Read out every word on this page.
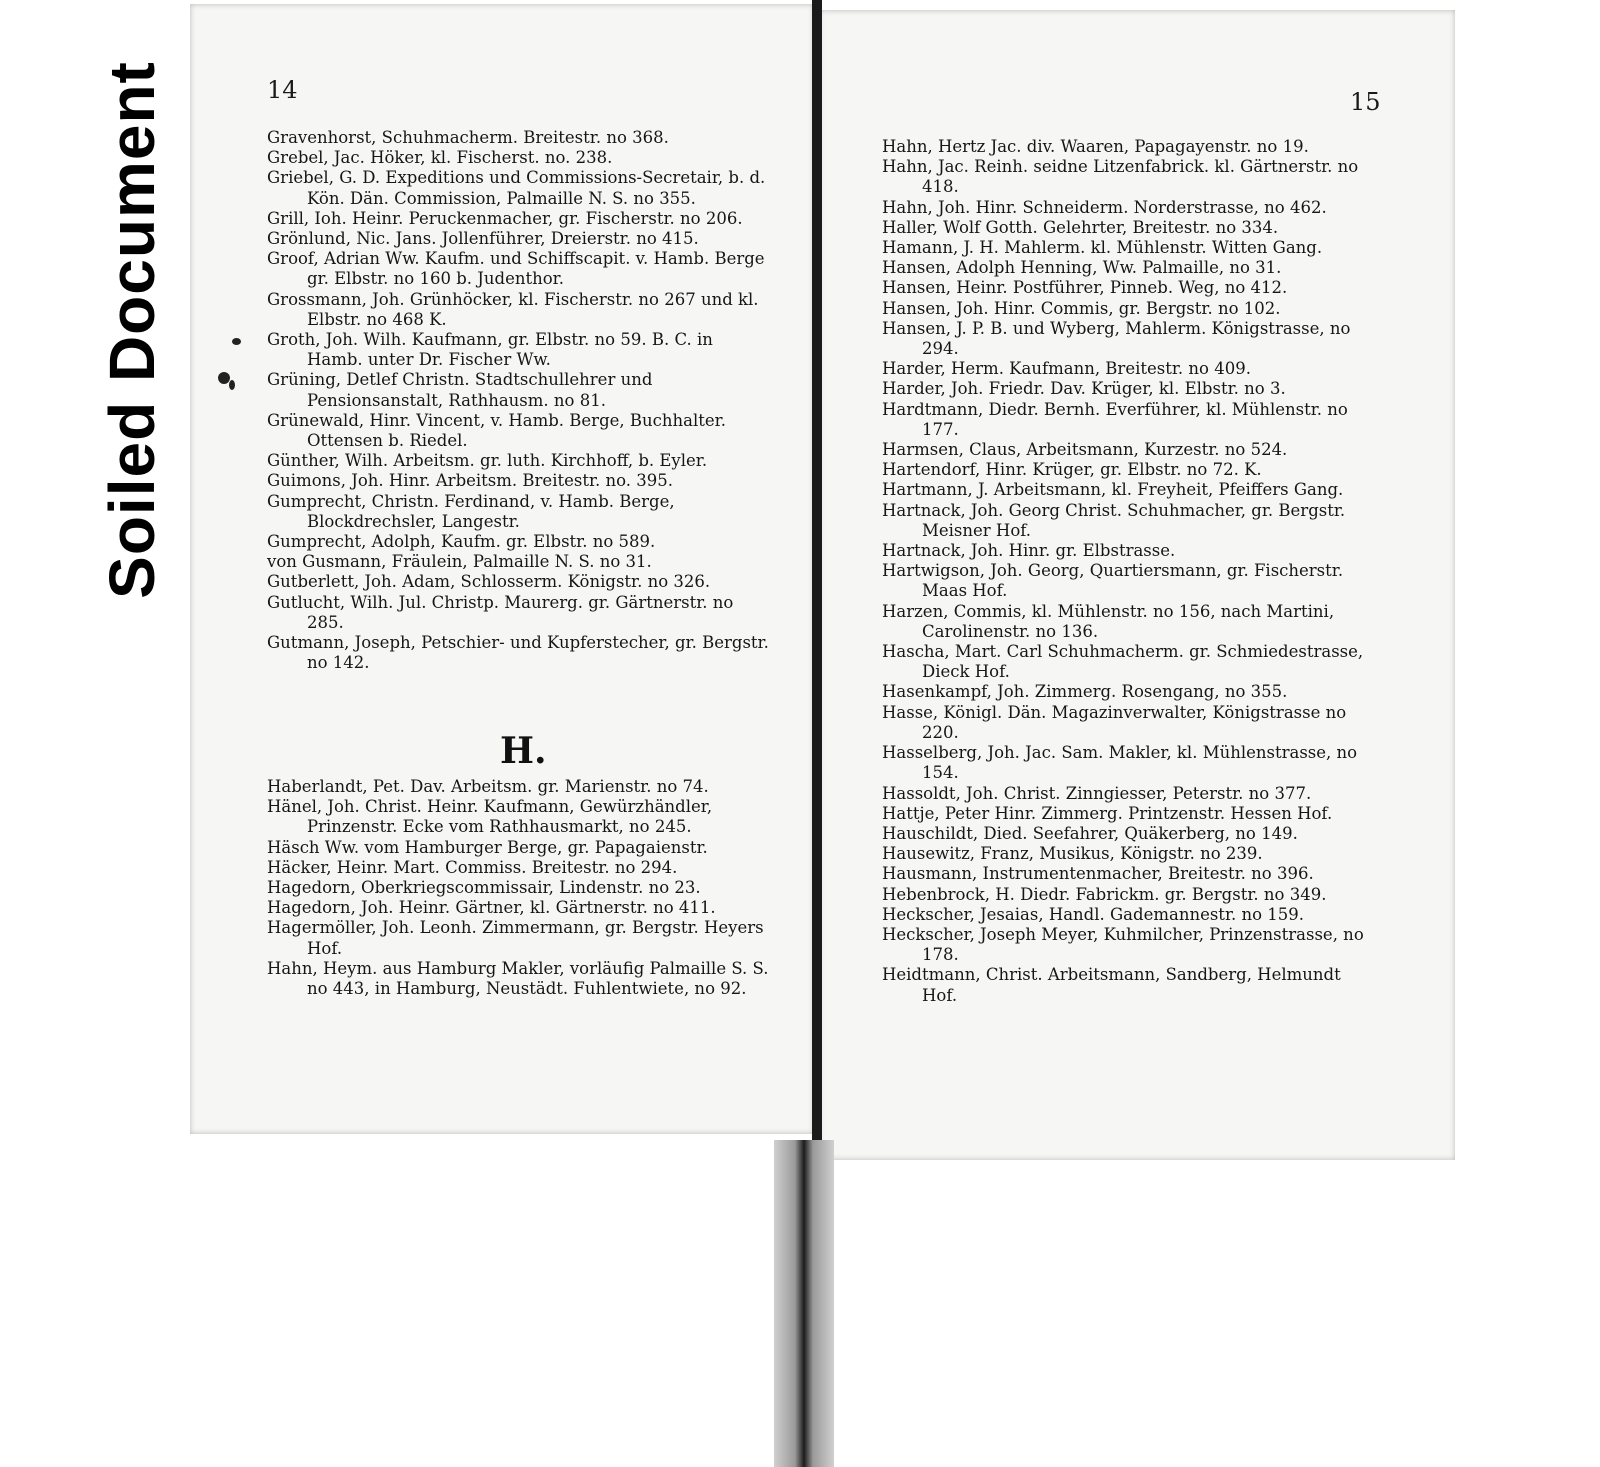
Soiled Document	14	15

Gravenhorst, Schuhmacherm. Breitestr. no 368.

Grebel, Jac. Höker, kl. Fischerst. no. 238.

Griebel, G. D. Expeditions und Commissions-Secretair, b. d. Kön. Dän. Commission, Palmaille N. S. no 355.

Grill, Ioh. Heinr. Peruckenmacher, gr. Fischerstr. no 206.

Grönlund, Nic. Jans. Jollenführer, Dreierstr. no 415.

Groof, Adrian Ww. Kaufm. und Schiffscapit. v. Hamb. Berge gr. Elbstr. no 160 b. Judenthor.

Grossmann, Joh. Grünhöcker, kl. Fischerstr. no 267 und kl. Elbstr. no 468 K.

Groth, Joh. Wilh. Kaufmann, gr. Elbstr. no 59. B. C. in Hamb. unter Dr. Fischer Ww.

Grüning, Detlef Christn. Stadtschullehrer und Pensionsanstalt, Rathhausm. no 81.

Grünewald, Hinr. Vincent, v. Hamb. Berge, Buchhalter. Ottensen b. Riedel.

Günther, Wilh. Arbeitsm. gr. luth. Kirchhoff, b. Eyler.

Guimons, Joh. Hinr. Arbeitsm. Breitestr. no. 395.

Gumprecht, Christn. Ferdinand, v. Hamb. Berge, Blockdrechsler, Langestr.

Gumprecht, Adolph, Kaufm. gr. Elbstr. no 589.

von Gusmann, Fräulein, Palmaille N. S. no 31.

Gutberlett, Joh. Adam, Schlosserm. Königstr. no 326.

Gutlucht, Wilh. Jul. Christp. Maurerg. gr. Gärtnerstr. no 285.

Gutmann, Joseph, Petschier- und Kupferstecher, gr. Bergstr. no 142.

H.

Haberlandt, Pet. Dav. Arbeitsm. gr. Marienstr. no 74.

Hänel, Joh. Christ. Heinr. Kaufmann, Gewürzhändler, Prinzenstr. Ecke vom Rathhausmarkt, no 245.

Häsch Ww. vom Hamburger Berge, gr. Papagaienstr.

Häcker, Heinr. Mart. Commiss. Breitestr. no 294.

Hagedorn, Oberkriegscommissair, Lindenstr. no 23.

Hagedorn, Joh. Heinr. Gärtner, kl. Gärtnerstr. no 411.

Hagermöller, Joh. Leonh. Zimmermann, gr. Bergstr. Heyers Hof.

Hahn, Heym. aus Hamburg Makler, vorläufig Palmaille S. S. no 443, in Hamburg, Neustädt. Fuhlentwiete, no 92.

Hahn, Hertz Jac. div. Waaren, Papagayenstr. no 19.

Hahn, Jac. Reinh. seidne Litzenfabrick. kl. Gärtnerstr. no 418.

Hahn, Joh. Hinr. Schneiderm. Norderstrasse, no 462.

Haller, Wolf Gotth. Gelehrter, Breitestr. no 334.

Hamann, J. H. Mahlerm. kl. Mühlenstr. Witten Gang.

Hansen, Adolph Henning, Ww. Palmaille, no 31.

Hansen, Heinr. Postführer, Pinneb. Weg, no 412.

Hansen, Joh. Hinr. Commis, gr. Bergstr. no 102.

Hansen, J. P. B. und Wyberg, Mahlerm. Königstrasse, no 294.

Harder, Herm. Kaufmann, Breitestr. no 409.

Harder, Joh. Friedr. Dav. Krüger, kl. Elbstr. no 3.

Hardtmann, Diedr. Bernh. Everführer, kl. Mühlenstr. no 177.

Harmsen, Claus, Arbeitsmann, Kurzestr. no 524.

Hartendorf, Hinr. Krüger, gr. Elbstr. no 72. K.

Hartmann, J. Arbeitsmann, kl. Freyheit, Pfeiffers Gang.

Hartnack, Joh. Georg Christ. Schuhmacher, gr. Bergstr. Meisner Hof.

Hartnack, Joh. Hinr. gr. Elbstrasse.

Hartwigson, Joh. Georg, Quartiersmann, gr. Fischerstr. Maas Hof.

Harzen, Commis, kl. Mühlenstr. no 156, nach Martini, Carolinenstr. no 136.

Hascha, Mart. Carl Schuhmacherm. gr. Schmiedestrasse, Dieck Hof.

Hasenkampf, Joh. Zimmerg. Rosengang, no 355.

Hasse, Königl. Dän. Magazinverwalter, Königstrasse no 220.

Hasselberg, Joh. Jac. Sam. Makler, kl. Mühlenstrasse, no 154.

Hassoldt, Joh. Christ. Zinngiesser, Peterstr. no 377.

Hattje, Peter Hinr. Zimmerg. Printzenstr. Hessen Hof.

Hauschildt, Died. Seefahrer, Quäkerberg, no 149.

Hausewitz, Franz, Musikus, Königstr. no 239.

Hausmann, Instrumentenmacher, Breitestr. no 396.

Hebenbrock, H. Diedr. Fabrickm. gr. Bergstr. no 349.

Heckscher, Jesaias, Handl. Gademannestr. no 159.

Heckscher, Joseph Meyer, Kuhmilcher, Prinzenstrasse, no 178.

Heidtmann, Christ. Arbeitsmann, Sandberg, Helmundt Hof.
